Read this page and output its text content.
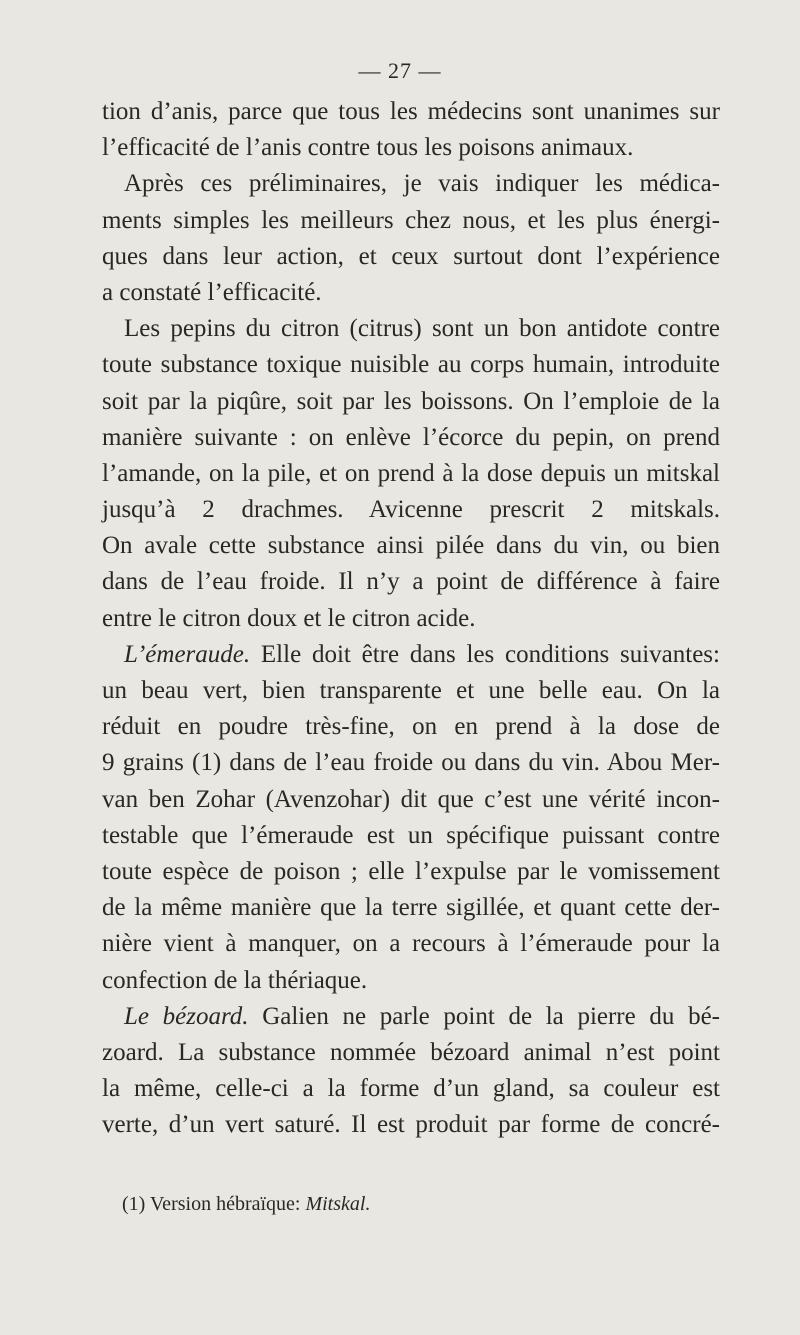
— 27 —
tion d’anis, parce que tous les médecins sont unanimes sur
l’efficacité de l’anis contre tous les poisons animaux.
Après ces préliminaires, je vais indiquer les médica-
ments simples les meilleurs chez nous, et les plus énergi-
ques dans leur action, et ceux surtout dont l’expérience
a constaté l’efficacité.
Les pepins du citron (citrus) sont un bon antidote contre
toute substance toxique nuisible au corps humain, introduite
soit par la piqûre, soit par les boissons. On l’emploie de la
manière suivante : on enlève l’écorce du pepin, on prend
l’amande, on la pile, et on prend à la dose depuis un mitskal
jusqu’à 2 drachmes. Avicenne prescrit 2 mitskals.
On avale cette substance ainsi pilée dans du vin, ou bien
dans de l’eau froide. Il n’y a point de différence à faire
entre le citron doux et le citron acide.
L’émeraude. Elle doit être dans les conditions suivantes:
un beau vert, bien transparente et une belle eau. On la
réduit en poudre très-fine, on en prend à la dose de
9 grains (1) dans de l’eau froide ou dans du vin. Abou Mer-
van ben Zohar (Avenzohar) dit que c’est une vérité incon-
testable que l’émeraude est un spécifique puissant contre
toute espèce de poison ; elle l’expulse par le vomissement
de la même manière que la terre sigillée, et quant cette der-
nière vient à manquer, on a recours à l’émeraude pour la
confection de la thériaque.
Le bézoard. Galien ne parle point de la pierre du bé-
zoard. La substance nommée bézoard animal n’est point
la même, celle-ci a la forme d’un gland, sa couleur est
verte, d’un vert saturé. Il est produit par forme de concré-
(1) Version hébraïque: Mitskal.
